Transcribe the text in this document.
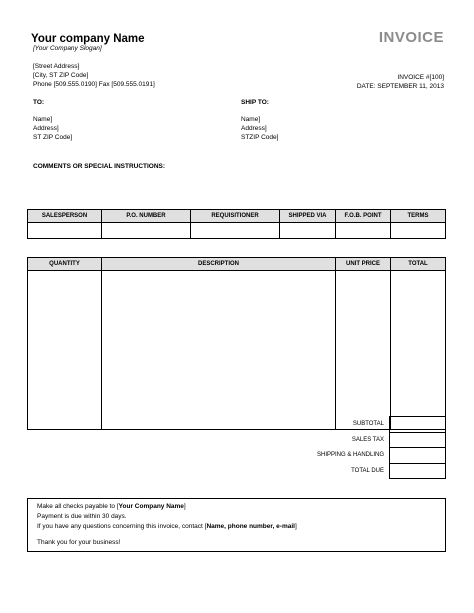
Your company Name
[Your Company Slogan]
INVOICE
[Street Address]
[City, ST ZIP Code]
Phone [509.555.0190] Fax [509.555.0191]
INVOICE #[100]
DATE: SEPTEMBER 11, 2013
TO:	SHIP TO:
Name]
Address]
ST ZIP Code]
Name]
Address]
STZIP Code]
COMMENTS OR SPECIAL INSTRUCTIONS:
SALESPERSON	P.O. NUMBER	REQUISITIONER	SHIPPED VIA	F.O.B. POINT	TERMS

QUANTITY	DESCRIPTION	UNIT PRICE	TOTAL

SUBTOTAL	
SALES TAX	
SHIPPING & HANDLING	
TOTAL DUE	
Make all checks payable to [Your Company Name]
Payment is due within 30 days.
If you have any questions concerning this invoice, contact [Name, phone number, e-mail]
Thank you for your business!
